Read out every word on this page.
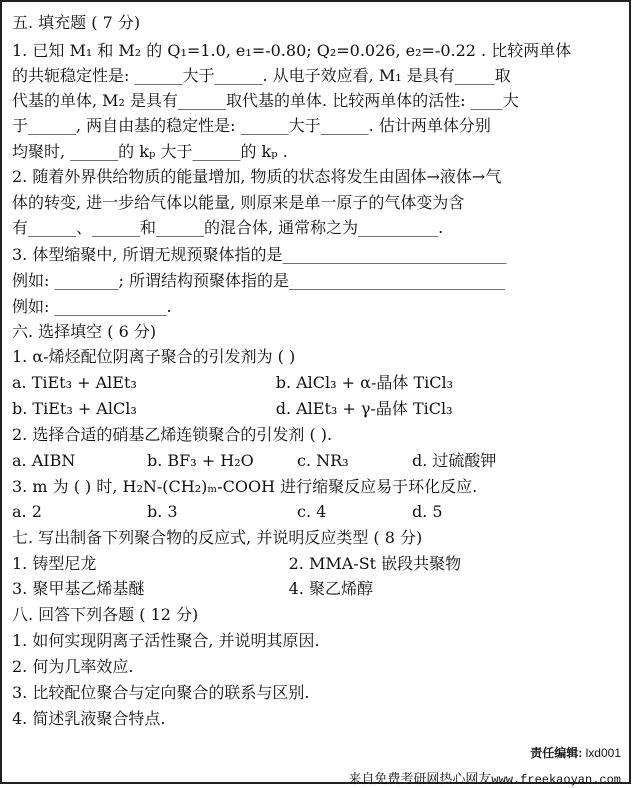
五. 填充题 ( 7 分)
1. 已知 M₁ 和 M₂ 的 Q₁=1.0, e₁=-0.80; Q₂=0.026, e₂=-0.22 . 比较两单体
的共轭稳定性是: ______大于______. 从电子效应看, M₁ 是具有_____取
代基的单体, M₂ 是具有______取代基的单体. 比较两单体的活性: ____大
于______, 两自由基的稳定性是: ______大于______. 估计两单体分别
均聚时, ______的 kₚ 大于______的 kₚ .
2. 随着外界供给物质的能量增加, 物质的状态将发生由固体→液体→气
体的转变, 进一步给气体以能量, 则原来是单一原子的气体变为含
有______、______和______的混合体, 通常称之为__________.
3. 体型缩聚中, 所谓无规预聚体指的是____________________________
例如: ________; 所谓结构预聚体指的是___________________________
例如: ______________.
六. 选择填空 ( 6 分)
1. α-烯烃配位阴离子聚合的引发剂为 ( )
a. TiEt₃ + AlEt₃	b. AlCl₃ + α-晶体 TiCl₃
b. TiEt₃ + AlCl₃	d. AlEt₃ + γ-晶体 TiCl₃
2. 选择合适的硝基乙烯连锁聚合的引发剂 ( ).
a. AIBN	b. BF₃ + H₂O	c. NR₃	d. 过硫酸钾
3. m 为 ( ) 时, H₂N-(CH₂)ₘ-COOH 进行缩聚反应易于环化反应.
a. 2	b. 3	c. 4	d. 5
七. 写出制备下列聚合物的反应式, 并说明反应类型 ( 8 分)
1. 铸型尼龙	2. MMA-St 嵌段共聚物
3. 聚甲基乙烯基醚	4. 聚乙烯醇
八. 回答下列各题 ( 12 分)
1. 如何实现阴离子活性聚合, 并说明其原因.
2. 何为几率效应.
3. 比较配位聚合与定向聚合的联系与区别.
4. 简述乳液聚合特点.
责任编辑: lxd001
来自免费考研网热心网友www.freekaoyan.com
